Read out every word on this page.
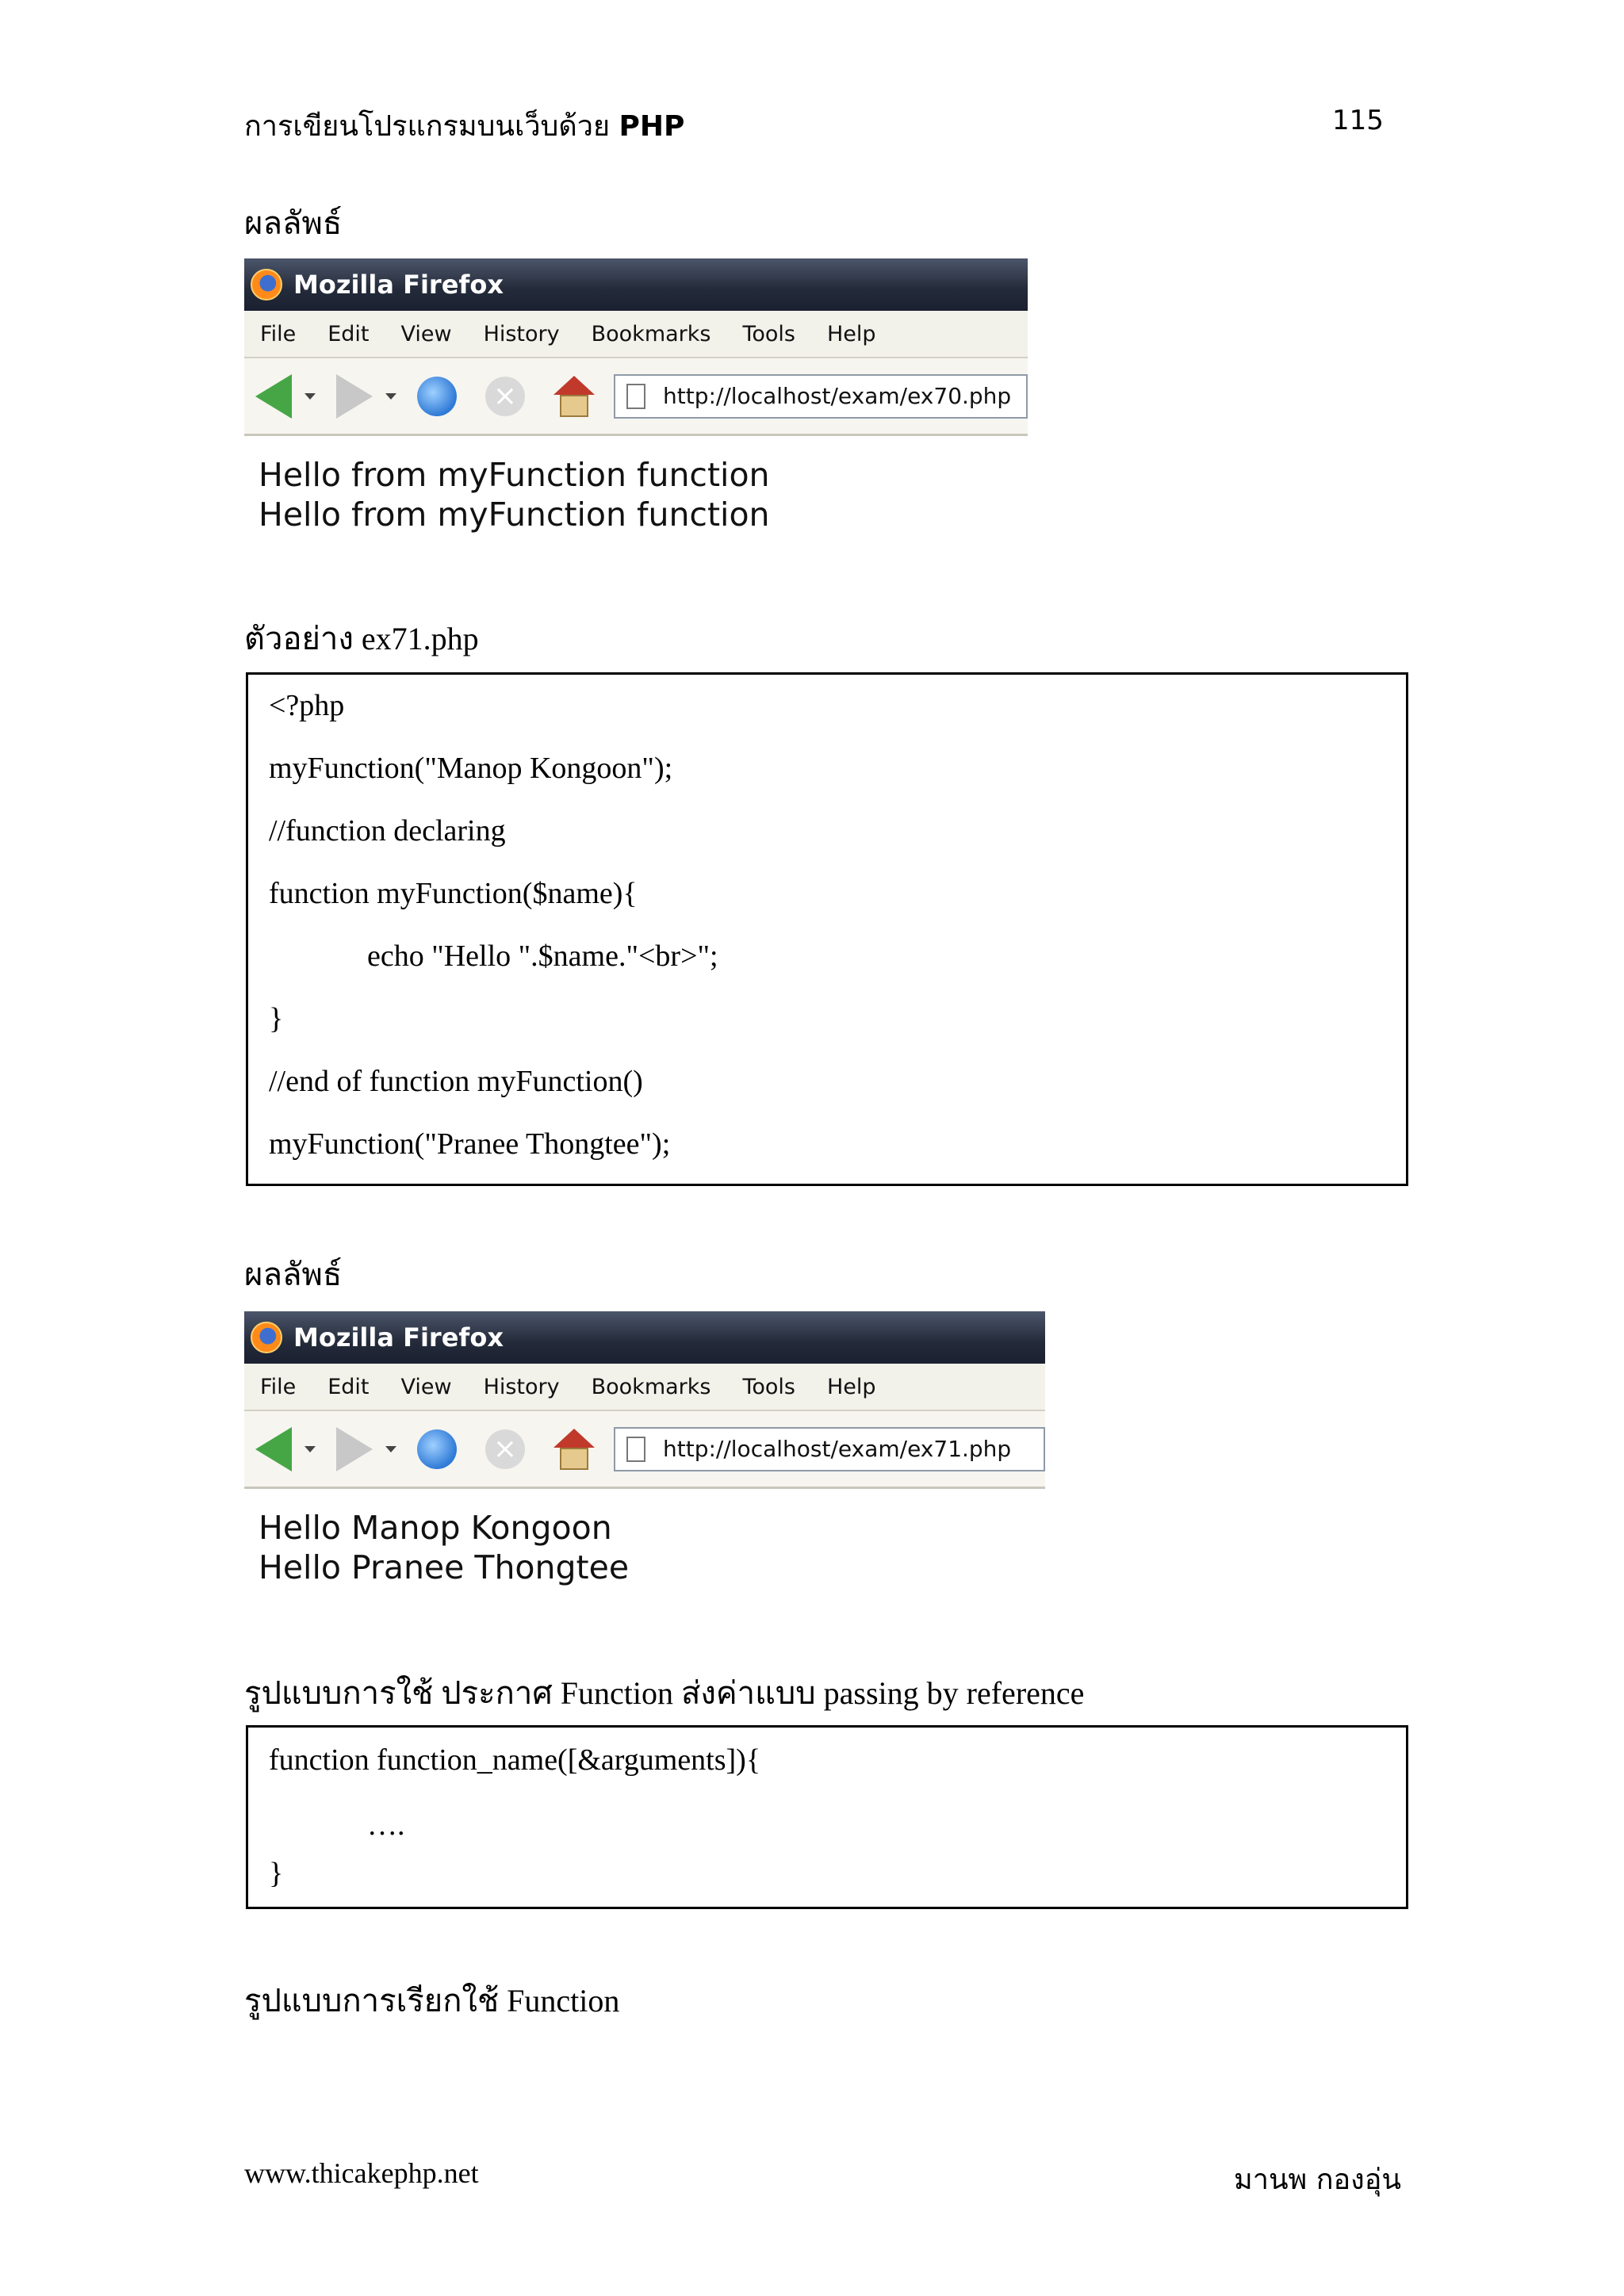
การเขียนโปรแกรมบนเว็บด้วย PHP	115
ผลลัพธ์
Mozilla Firefox
File Edit View History Bookmarks Tools Help
×	http://localhost/exam/ex70.php
Hello from myFunction function
Hello from myFunction function
ตัวอย่าง ex71.php
<?php
myFunction("Manop Kongoon");
//function declaring
function myFunction($name){
echo "Hello ".$name."<br>";
}
//end of function myFunction()
myFunction("Pranee Thongtee");
ผลลัพธ์
Mozilla Firefox
File Edit View History Bookmarks Tools Help
×	http://localhost/exam/ex71.php
Hello Manop Kongoon
Hello Pranee Thongtee
รูปแบบการใช้ ประกาศ Function ส่งค่าแบบ passing by reference
function function_name([&arguments]){
….
}
รูปแบบการเรียกใช้ Function
www.thicakephp.net	มานพ กองอุ่น
